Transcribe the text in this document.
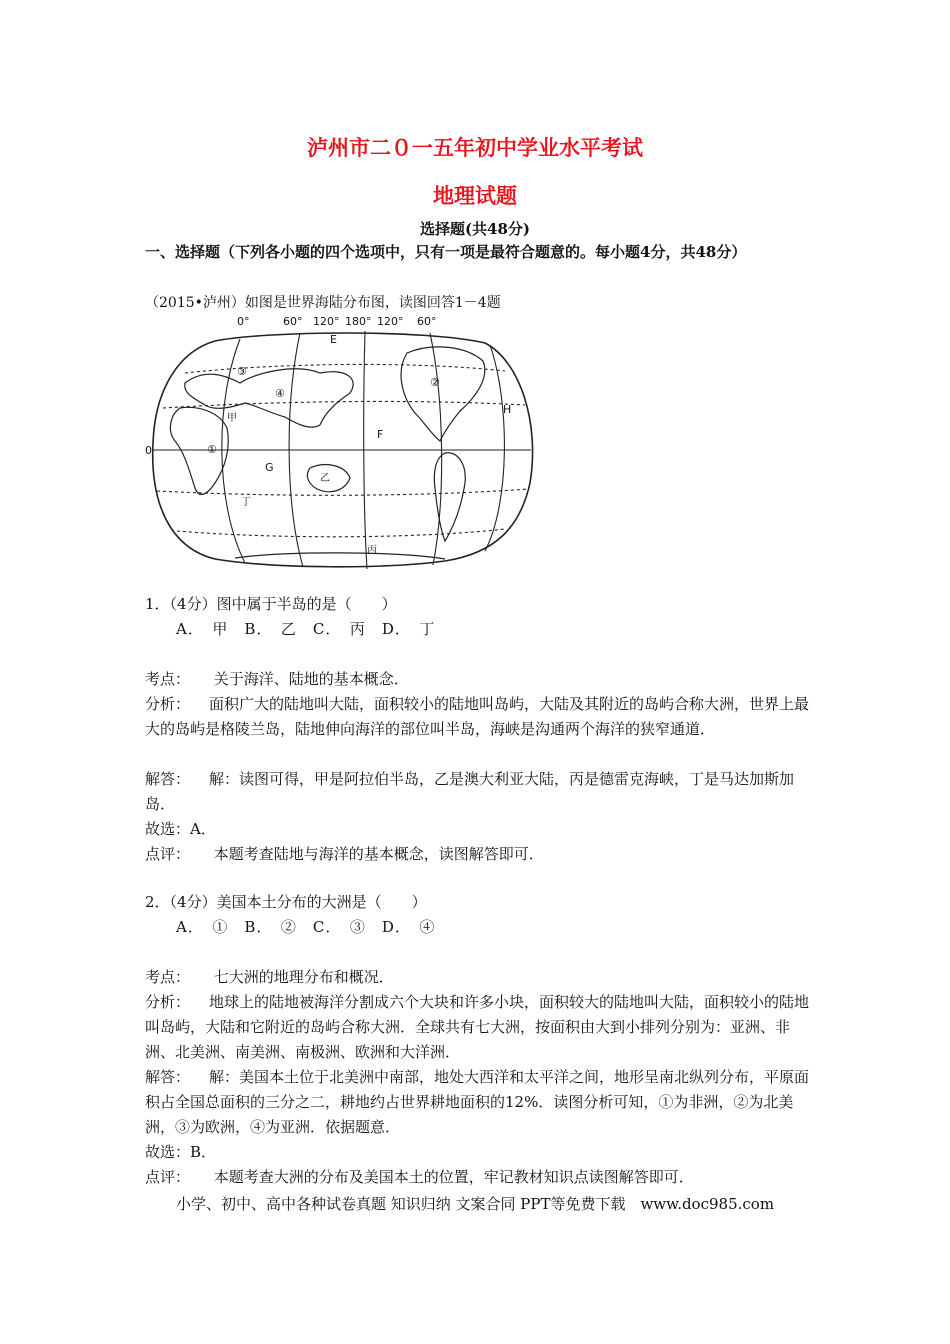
泸州市二０一五年初中学业水平考试
地理试题
选择题(共48分)
一、选择题（下列各小题的四个选项中，只有一项是最符合题意的。每小题4分，共48分）
（2015•泸州）如图是世界海陆分布图，读图回答1－4题
0°	60° 120° 180° 120° 60°
0
E
F
G
H
①
②
③
④
甲
乙
丙
丁
1．（4分）图中属于半岛的是（　　）
A．　甲　B．　乙　C．　丙　D．　丁
考点： 关于海洋、陆地的基本概念．
分析： 面积广大的陆地叫大陆，面积较小的陆地叫岛屿，大陆及其附近的岛屿合称大洲，世界上最大的岛屿是格陵兰岛，陆地伸向海洋的部位叫半岛，海峡是沟通两个海洋的狭窄通道．
解答： 解：读图可得，甲是阿拉伯半岛，乙是澳大利亚大陆，丙是德雷克海峡，丁是马达加斯加岛．
故选：A．
点评： 本题考查陆地与海洋的基本概念，读图解答即可．
2．（4分）美国本土分布的大洲是（　　）
A．　①　B．　②　C．　③　D．　④
考点： 七大洲的地理分布和概况．
分析： 地球上的陆地被海洋分割成六个大块和许多小块，面积较大的陆地叫大陆，面积较小的陆地叫岛屿，大陆和它附近的岛屿合称大洲．全球共有七大洲，按面积由大到小排列分别为：亚洲、非洲、北美洲、南美洲、南极洲、欧洲和大洋洲．
解答： 解：美国本土位于北美洲中南部，地处大西洋和太平洋之间，地形呈南北纵列分布，平原面积占全国总面积的三分之二，耕地约占世界耕地面积的12%．读图分析可知，①为非洲，②为北美洲，③为欧洲，④为亚洲．依据题意．
故选：B．
点评： 本题考查大洲的分布及美国本土的位置，牢记教材知识点读图解答即可．
小学、初中、高中各种试卷真题 知识归纳 文案合同 PPT等免费下载　www.doc985.com
